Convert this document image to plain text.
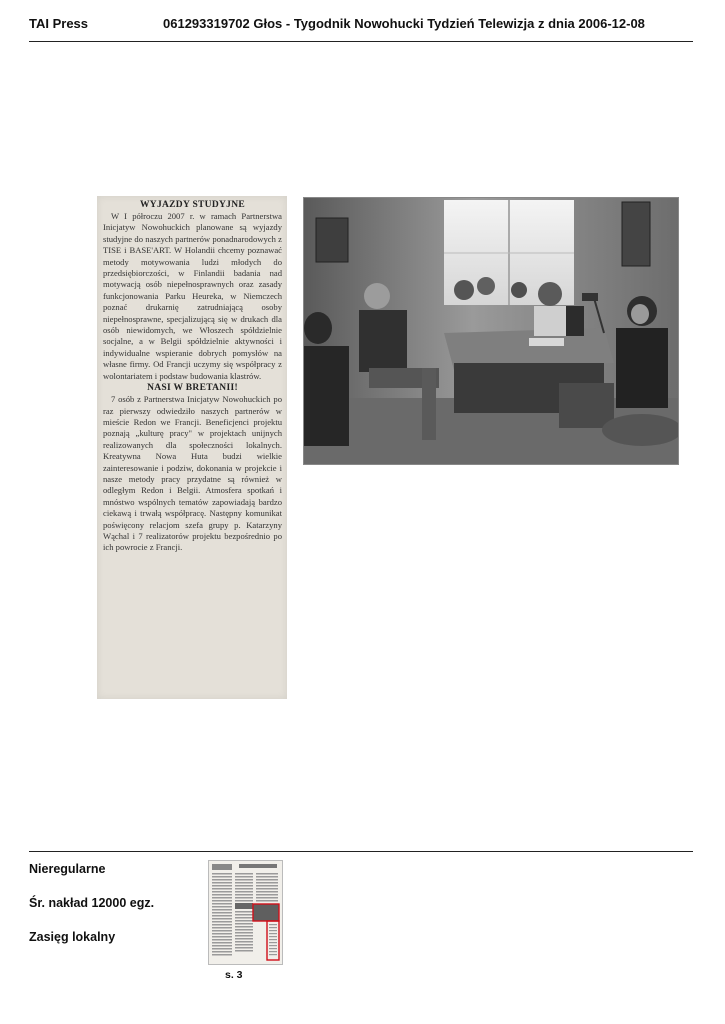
TAI Press	061293319702 Głos - Tygodnik Nowohucki Tydzień Telewizja z dnia 2006-12-08
WYJAZDY STUDYJNE

W I półroczu 2007 r. w ramach Partnerstwa Inicjatyw Nowohuckich planowane są wyjazdy studyjne do naszych partnerów ponadnarodowych z TISE i BASE'ART. W Holandii chcemy poznawać metody motywowania ludzi młodych do przedsiębiorczości, w Finlandii badania nad motywacją osób niepełnosprawnych oraz zasady funkcjonowania Parku Heureka, w Niemczech poznać drukarnię zatrudniającą osoby niepełnosprawne, specjalizującą się w drukach dla osób niewidomych, we Włoszech spółdzielnie socjalne, a w Belgii spółdzielnie aktywności i indywidualne wspieranie dobrych pomysłów na własne firmy. Od Francji uczymy się współpracy z wolontariatem i podstaw budowania klastrów.

NASI W BRETANII!

7 osób z Partnerstwa Inicjatyw Nowohuckich po raz pierwszy odwiedziło naszych partnerów w mieście Redon we Francji. Beneficjenci projektu poznają „kulturę pracy" w projektach unijnych realizowanych dla społeczności lokalnych. Kreatywna Nowa Huta budzi wielkie zainteresowanie i podziw, dokonania w projekcie i nasze metody pracy przydatne są również w odległym Redon i Belgii. Atmosfera spotkań i mnóstwo wspólnych tematów zapowiadają bardzo ciekawą i trwałą współpracę. Następny komunikat poświęcony relacjom szefa grupy p. Katarzyny Wąchal i 7 realizatorów projektu bezpośrednio po ich powrocie z Francji.

Nieregularne
Śr. nakład 12000 egz.
Zasięg lokalny
s. 3
